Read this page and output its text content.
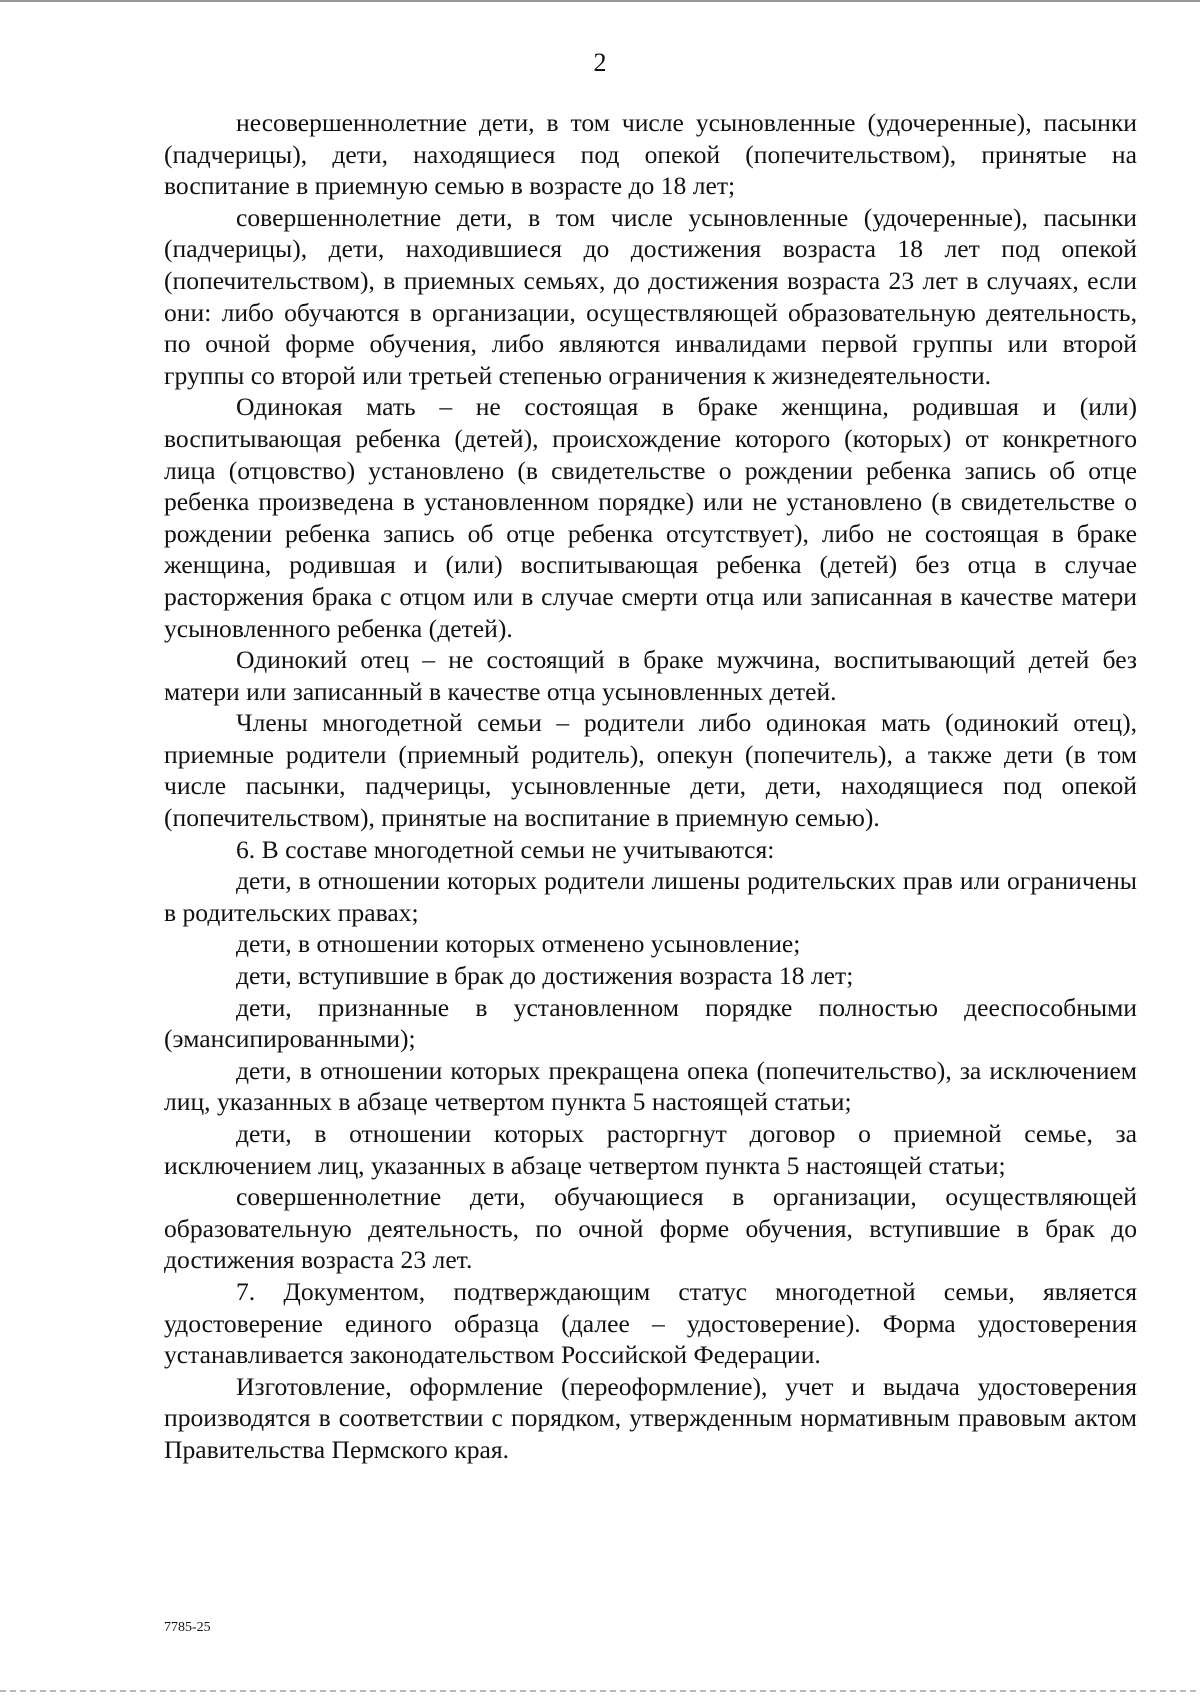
2

несовершеннолетние дети, в том числе усыновленные (удочеренные), пасынки (падчерицы), дети, находящиеся под опекой (попечительством), принятые на воспитание в приемную семью в возрасте до 18 лет;

совершеннолетние дети, в том числе усыновленные (удочеренные), пасынки (падчерицы), дети, находившиеся до достижения возраста 18 лет под опекой (попечительством), в приемных семьях, до достижения возраста 23 лет в случаях, если они: либо обучаются в организации, осуществляющей образовательную деятельность, по очной форме обучения, либо являются инвалидами первой группы или второй группы со второй или третьей степенью ограничения к жизнедеятельности.

Одинокая мать – не состоящая в браке женщина, родившая и (или) воспитывающая ребенка (детей), происхождение которого (которых) от конкретного лица (отцовство) установлено (в свидетельстве о рождении ребенка запись об отце ребенка произведена в установленном порядке) или не установлено (в свидетельстве о рождении ребенка запись об отце ребенка отсутствует), либо не состоящая в браке женщина, родившая и (или) воспитывающая ребенка (детей) без отца в случае расторжения брака с отцом или в случае смерти отца или записанная в качестве матери усыновленного ребенка (детей).

Одинокий отец – не состоящий в браке мужчина, воспитывающий детей без матери или записанный в качестве отца усыновленных детей.

Члены многодетной семьи – родители либо одинокая мать (одинокий отец), приемные родители (приемный родитель), опекун (попечитель), а также дети (в том числе пасынки, падчерицы, усыновленные дети, дети, находящиеся под опекой (попечительством), принятые на воспитание в приемную семью).

6. В составе многодетной семьи не учитываются:

дети, в отношении которых родители лишены родительских прав или ограничены в родительских правах;

дети, в отношении которых отменено усыновление;

дети, вступившие в брак до достижения возраста 18 лет;

дети, признанные в установленном порядке полностью дееспособными (эмансипированными);

дети, в отношении которых прекращена опека (попечительство), за исключением лиц, указанных в абзаце четвертом пункта 5 настоящей статьи;

дети, в отношении которых расторгнут договор о приемной семье, за исключением лиц, указанных в абзаце четвертом пункта 5 настоящей статьи;

совершеннолетние дети, обучающиеся в организации, осуществляющей образовательную деятельность, по очной форме обучения, вступившие в брак до достижения возраста 23 лет.

7. Документом, подтверждающим статус многодетной семьи, является удостоверение единого образца (далее – удостоверение). Форма удостоверения устанавливается законодательством Российской Федерации.

Изготовление, оформление (переоформление), учет и выдача удостоверения производятся в соответствии с порядком, утвержденным нормативным правовым актом Правительства Пермского края.

7785-25
